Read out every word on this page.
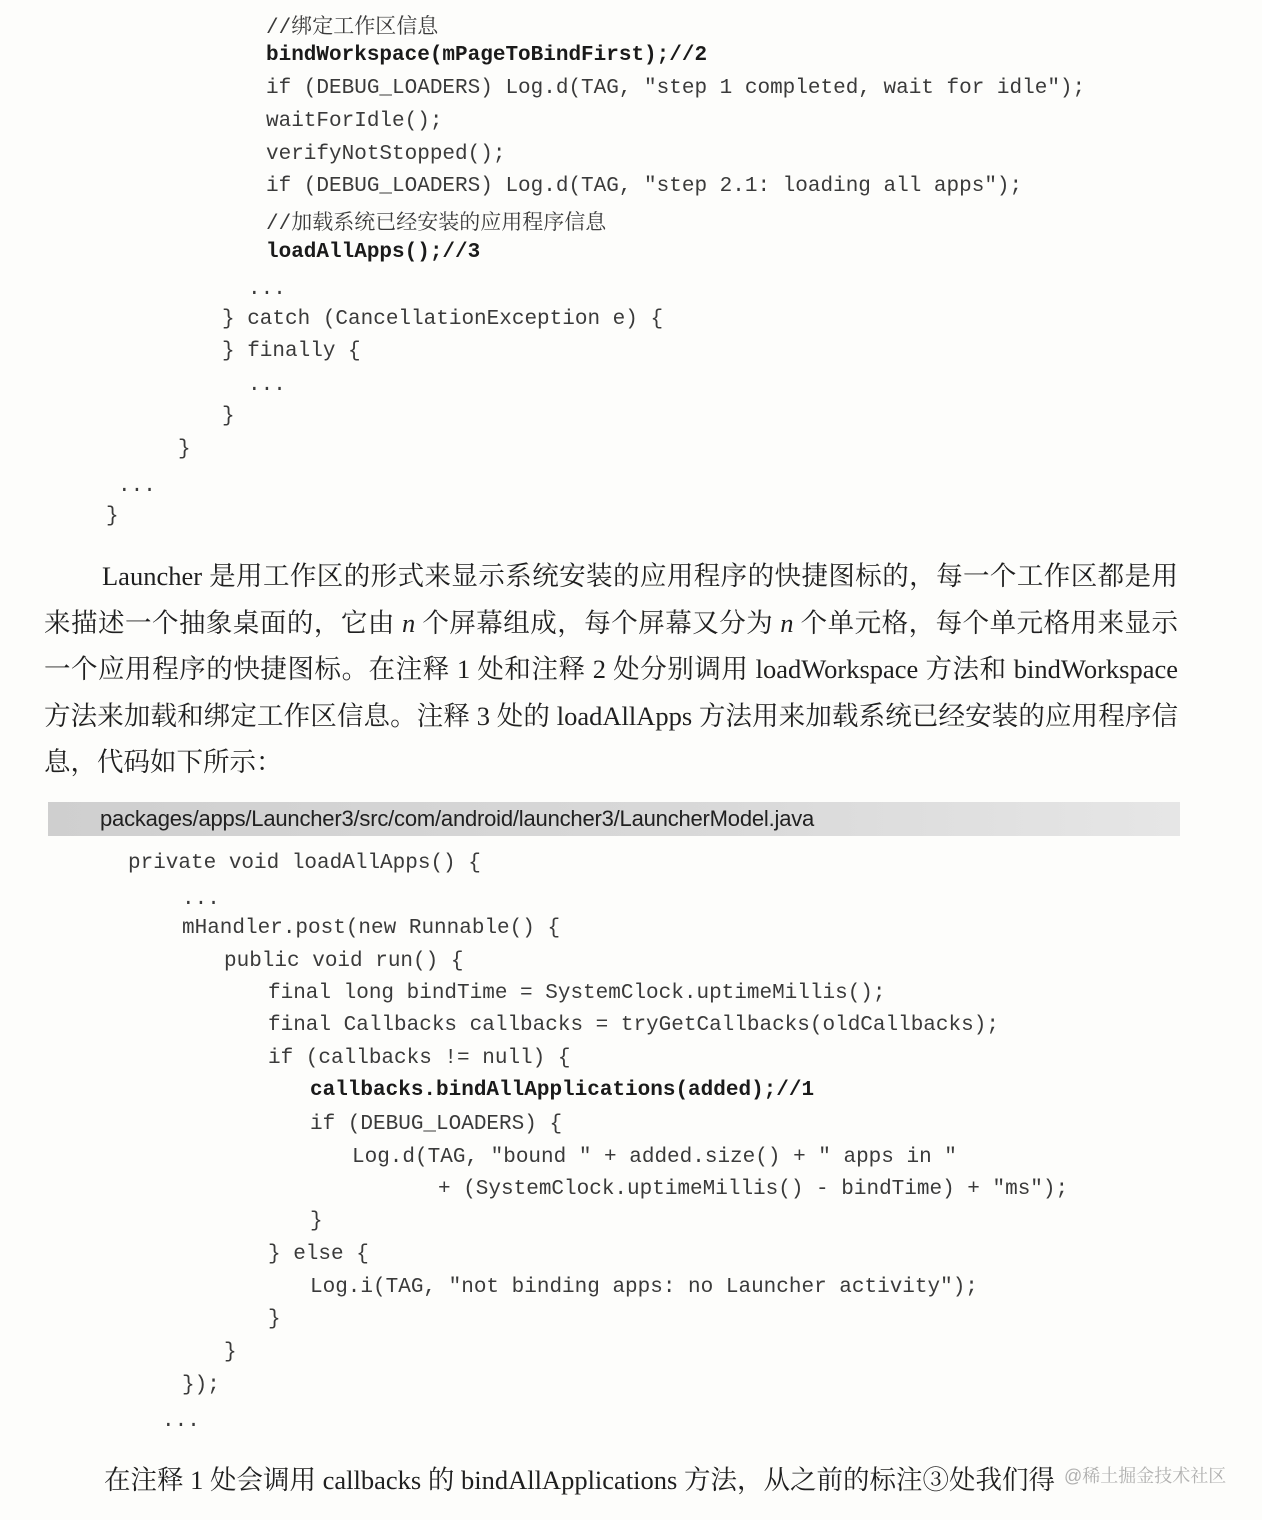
//绑定工作区信息
bindWorkspace(mPageToBindFirst);//2
if (DEBUG_LOADERS) Log.d(TAG, "step 1 completed, wait for idle");
waitForIdle();
verifyNotStopped();
if (DEBUG_LOADERS) Log.d(TAG, "step 2.1: loading all apps");
//加载系统已经安装的应用程序信息
loadAllApps();//3
...
} catch (CancellationException e) {
} finally {
...
}
}
...
}
Launcher 是用工作区的形式来显示系统安装的应用程序的快捷图标的，每一个工作区都是用来描述一个抽象桌面的，它由 n 个屏幕组成，每个屏幕又分为 n 个单元格，每个单元格用来显示一个应用程序的快捷图标。在注释 1 处和注释 2 处分别调用 loadWorkspace 方法和 bindWorkspace 方法来加载和绑定工作区信息。注释 3 处的 loadAllApps 方法用来加载系统已经安装的应用程序信息，代码如下所示：
packages/apps/Launcher3/src/com/android/launcher3/LauncherModel.java
private void loadAllApps() {
...
mHandler.post(new Runnable() {
public void run() {
final long bindTime = SystemClock.uptimeMillis();
final Callbacks callbacks = tryGetCallbacks(oldCallbacks);
if (callbacks != null) {
callbacks.bindAllApplications(added);//1
if (DEBUG_LOADERS) {
Log.d(TAG, "bound " + added.size() + " apps in "
+ (SystemClock.uptimeMillis() - bindTime) + "ms");
}
} else {
Log.i(TAG, "not binding apps: no Launcher activity");
}
}
});
...
在注释 1 处会调用 callbacks 的 bindAllApplications 方法，从之前的标注③处我们得 @稀土掘金技术社区
